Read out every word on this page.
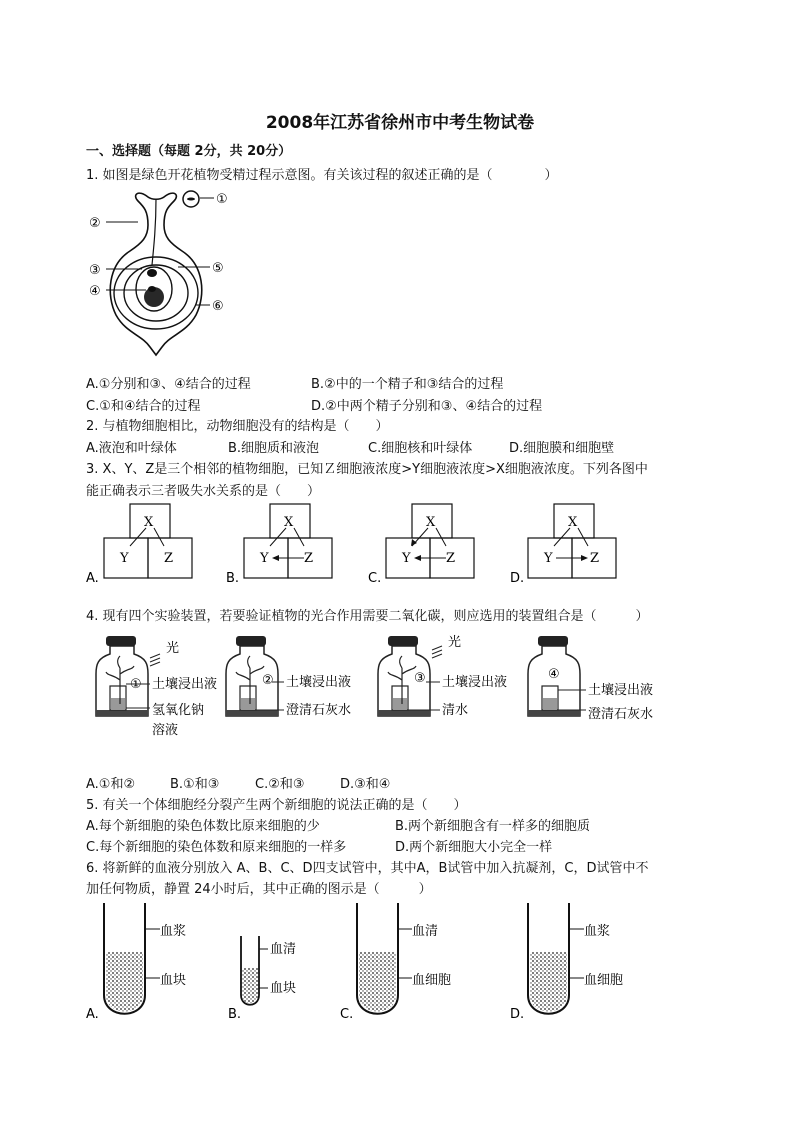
2008年江苏省徐州市中考生物试卷
一、选择题（每题 2分，共 20分）
1. 如图是绿色开花植物受精过程示意图。有关该过程的叙述正确的是（　　　　）
①
②
③
④
⑤
⑥
A.①分别和③、④结合的过程	B.②中的一个精子和③结合的过程
C.①和④结合的过程	D.②中两个精子分别和③、④结合的过程
2. 与植物细胞相比，动物细胞没有的结构是（　　）
A.液泡和叶绿体	B.细胞质和液泡	C.细胞核和叶绿体	D.细胞膜和细胞壁
3. X、Y、Z是三个相邻的植物细胞，已知Ｚ细胞液浓度>Y细胞液浓度>X细胞液浓度。下列各图中
能正确表示三者吸失水关系的是（　　）
X
Y	Z
A.
X
Y	Z
B.
X
Y	Z
C.
X
Y	Z
D.
4. 现有四个实验装置，若要验证植物的光合作用需要二氧化碳，则应选用的装置组合是（　　　）
光
① 土壤浸出液
氢氧化钠
溶液
② 土壤浸出液
澄清石灰水
光
③ 土壤浸出液
清水
④
土壤浸出液
澄清石灰水
A.①和②	B.①和③	C.②和③	D.③和④
5. 有关一个体细胞经分裂产生两个新细胞的说法正确的是（　　）
A.每个新细胞的染色体数比原来细胞的少	B.两个新细胞含有一样多的细胞质
C.每个新细胞的染色体数和原来细胞的一样多	D.两个新细胞大小完全一样
6. 将新鲜的血液分别放入 A、B、C、D四支试管中，其中A，B试管中加入抗凝剂，C，D试管中不
加任何物质，静置 24小时后，其中正确的图示是（　　　）
血浆
血块
A.
血清
血块
B.
血清
血细胞
C.
血浆
血细胞
D.
